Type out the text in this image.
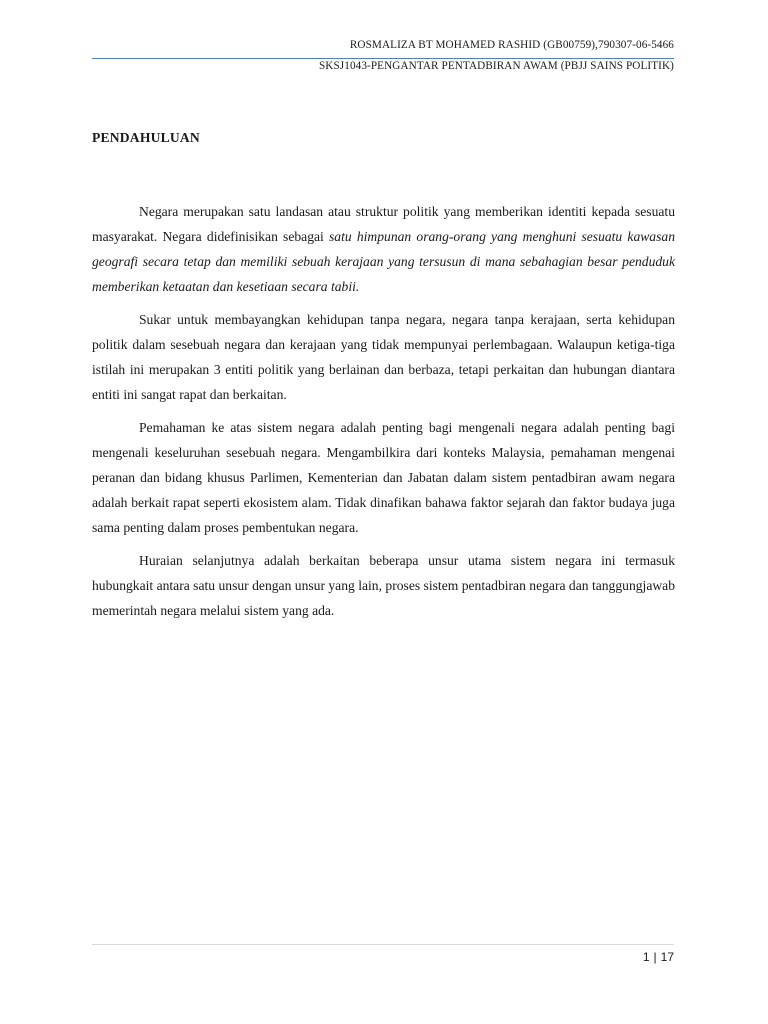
ROSMALIZA BT MOHAMED RASHID (GB00759),790307-06-5466
SKSJ1043-PENGANTAR PENTADBIRAN AWAM (PBJJ SAINS POLITIK)
PENDAHULUAN

Negara merupakan satu landasan atau struktur politik yang memberikan identiti kepada sesuatu masyarakat. Negara didefinisikan sebagai satu himpunan orang-orang yang menghuni sesuatu kawasan geografi secara tetap dan memiliki sebuah kerajaan yang tersusun di mana sebahagian besar penduduk memberikan ketaatan dan kesetiaan secara tabii.

Sukar untuk membayangkan kehidupan tanpa negara, negara tanpa kerajaan, serta kehidupan politik dalam sesebuah negara dan kerajaan yang tidak mempunyai perlembagaan. Walaupun ketiga-tiga istilah ini merupakan 3 entiti politik yang berlainan dan berbaza, tetapi perkaitan dan hubungan diantara entiti ini sangat rapat dan berkaitan.

Pemahaman ke atas sistem negara adalah penting bagi mengenali negara adalah penting bagi mengenali keseluruhan sesebuah negara. Mengambilkira dari konteks Malaysia, pemahaman mengenai peranan dan bidang khusus Parlimen, Kementerian dan Jabatan dalam sistem pentadbiran awam negara adalah berkait rapat seperti ekosistem alam. Tidak dinafikan bahawa faktor sejarah dan faktor budaya juga sama penting dalam proses pembentukan negara.

Huraian selanjutnya adalah berkaitan beberapa unsur utama sistem negara ini termasuk hubungkait antara satu unsur dengan unsur yang lain, proses sistem pentadbiran negara dan tanggungjawab memerintah negara melalui sistem yang ada.

1 | 17
